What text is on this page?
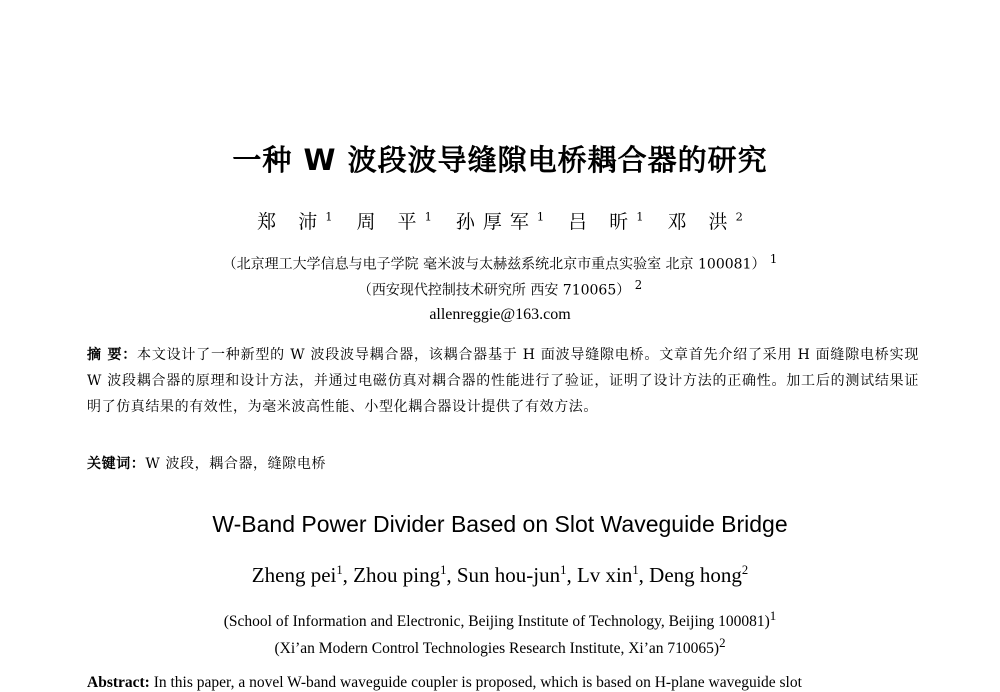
一种 W 波段波导缝隙电桥耦合器的研究
郑 沛$^1$ 周 平$^1$ 孙厚军$^1$ 吕 昕$^1$ 邓 洪$^2$
（北京理工大学信息与电子学院 毫米波与太赫兹系统北京市重点实验室 北京 100081） $^1$
（西安现代控制技术研究所 西安 710065） $^2$
allenreggie@163.com
摘 要：本文设计了一种新型的 W 波段波导耦合器，该耦合器基于 H 面波导缝隙电桥。文章首先介绍了采用 H 面缝隙电桥实现 W 波段耦合器的原理和设计方法，并通过电磁仿真对耦合器的性能进行了验证，证明了设计方法的正确性。加工后的测试结果证明了仿真结果的有效性，为毫米波高性能、小型化耦合器设计提供了有效方法。
关键词：W 波段，耦合器，缝隙电桥
W-Band Power Divider Based on Slot Waveguide Bridge
Zheng pei$^1$, Zhou ping$^1$, Sun hou-jun$^1$, Lv xin$^1$, Deng hong$^2$
(School of Information and Electronic, Beijing Institute of Technology, Beijing 100081)$^1$
(Xi’an Modern Control Technologies Research Institute, Xi’an 710065)$^2$
Abstract: In this paper, a novel W-band waveguide coupler is proposed, which is based on H-plane waveguide slot
